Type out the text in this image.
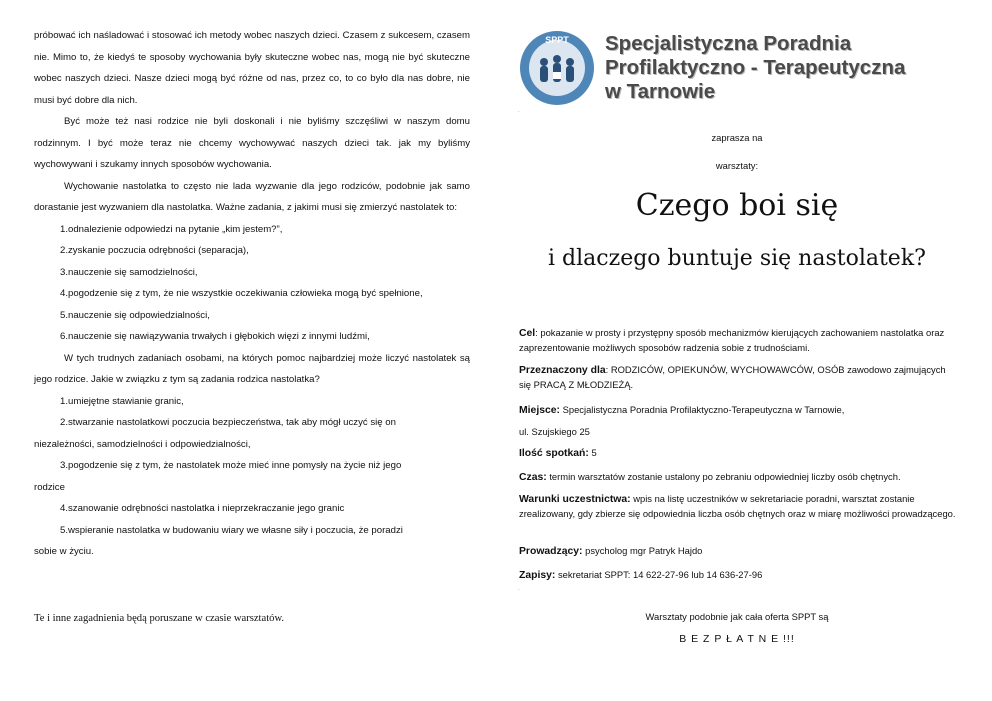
próbować ich naśladować i stosować ich metody wobec naszych dzieci. Czasem z sukcesem, czasem nie. Mimo to, że kiedyś te sposoby wychowania były skuteczne wobec nas, mogą nie być skuteczne wobec naszych dzieci. Nasze dzieci mogą być różne od nas, przez co, to co było dla nas dobre, nie musi być dobre dla nich.

Być może też nasi rodzice nie byli doskonali i nie byliśmy szczęśliwi w naszym domu rodzinnym. I być może teraz nie chcemy wychowywać naszych dzieci tak. jak my byliśmy wychowywani i szukamy innych sposobów wychowania.

Wychowanie nastolatka to często nie lada wyzwanie dla jego rodziców, podobnie jak samo dorastanie jest wyzwaniem dla nastolatka. Ważne zadania, z jakimi musi się zmierzyć nastolatek to:

1.odnalezienie odpowiedzi na pytanie „kim jestem?”,
2.zyskanie poczucia odrębności (separacja),
3.nauczenie się samodzielności,
4.pogodzenie się z tym, że nie wszystkie oczekiwania człowieka mogą być spełnione,
5.nauczenie się odpowiedzialności,
6.nauczenie się nawiązywania trwałych i głębokich więzi z innymi ludźmi,

W tych trudnych zadaniach osobami, na których pomoc najbardziej może liczyć nastolatek są jego rodzice. Jakie w związku z tym są zadania rodzica nastolatka?

1.umiejętne stawianie granic,
2.stwarzanie nastolatkowi poczucia bezpieczeństwa, tak aby mógł uczyć się on
niezależności, samodzielności i odpowiedzialności,
3.pogodzenie się z tym, że nastolatek może mieć inne pomysły na życie niż jego
rodzice
4.szanowanie odrębności nastolatka i nieprzekraczanie jego granic
5.wspieranie nastolatka w budowaniu wiary we własne siły i poczucia, że poradzi
sobie w życiu.
Te i inne zagadnienia będą poruszane w czasie warsztatów.
SPPT Specjalistyczna Poradnia
Profilaktyczno - Terapeutyczna
w Tarnowie
.
zaprasza na
warsztaty:
Czego boi się
i dlaczego buntuje się nastolatek?
Cel: pokazanie w prosty i przystępny sposób mechanizmów kierujących zachowaniem nastolatka oraz zaprezentowanie możliwych sposobów radzenia sobie z trudnościami.
Przeznaczony dla: RODZICÓW, OPIEKUNÓW, WYCHOWAWCÓW, OSÓB zawodowo zajmujących się PRACĄ Z MŁODZIEŻĄ.
Miejsce: Specjalistyczna Poradnia Profilaktyczno-Terapeutyczna w Tarnowie,
ul. Szujskiego 25
Ilość spotkań: 5
Czas: termin warsztatów zostanie ustalony po zebraniu odpowiedniej liczby osób chętnych.
Warunki uczestnictwa: wpis na listę uczestników w sekretariacie poradni, warsztat zostanie zrealizowany, gdy zbierze się odpowiednia liczba osób chętnych oraz w miarę możliwości prowadzącego.
Prowadzący: psycholog mgr Patryk Hajdo
Zapisy: sekretariat SPPT: 14 622-27-96 lub 14 636-27-96
.
Warsztaty podobnie jak cała oferta SPPT są
B E Z P Ł A T N E !!!
